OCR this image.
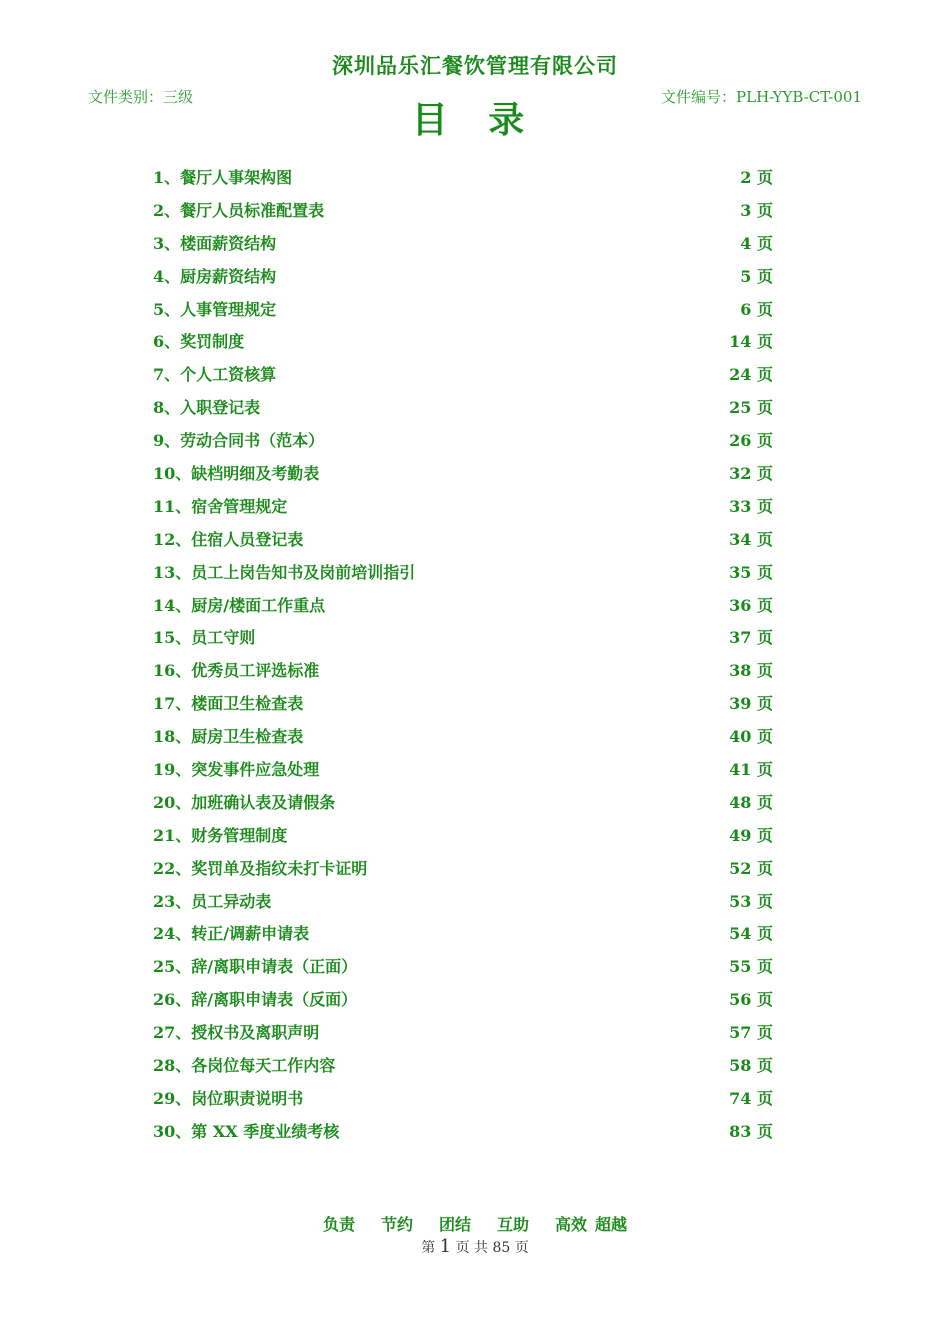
深圳品乐汇餐饮管理有限公司
文件类别：三级	文件编号：PLH-YYB-CT-001
目 录
1、餐厅人事架构图	2 页
2、餐厅人员标准配置表	3 页
3、楼面薪资结构	4 页
4、厨房薪资结构	5 页
5、人事管理规定	6 页
6、奖罚制度	14 页
7、个人工资核算	24 页
8、入职登记表	25 页
9、劳动合同书（范本）	26 页
10、缺档明细及考勤表	32 页
11、宿舍管理规定	33 页
12、住宿人员登记表	34 页
13、员工上岗告知书及岗前培训指引	35 页
14、厨房/楼面工作重点	36 页
15、员工守则	37 页
16、优秀员工评选标准	38 页
17、楼面卫生检查表	39 页
18、厨房卫生检查表	40 页
19、突发事件应急处理	41 页
20、加班确认表及请假条	48 页
21、财务管理制度	49 页
22、奖罚单及指纹未打卡证明	52 页
23、员工异动表	53 页
24、转正/调薪申请表	54 页
25、辞/离职申请表（正面）	55 页
26、辞/离职申请表（反面）	56 页
27、授权书及离职声明	57 页
28、各岗位每天工作内容	58 页
29、岗位职责说明书	74 页
30、第 XX 季度业绩考核	83 页
负责 节约 团结 互助 高效 超越
第 1 页 共 85 页
